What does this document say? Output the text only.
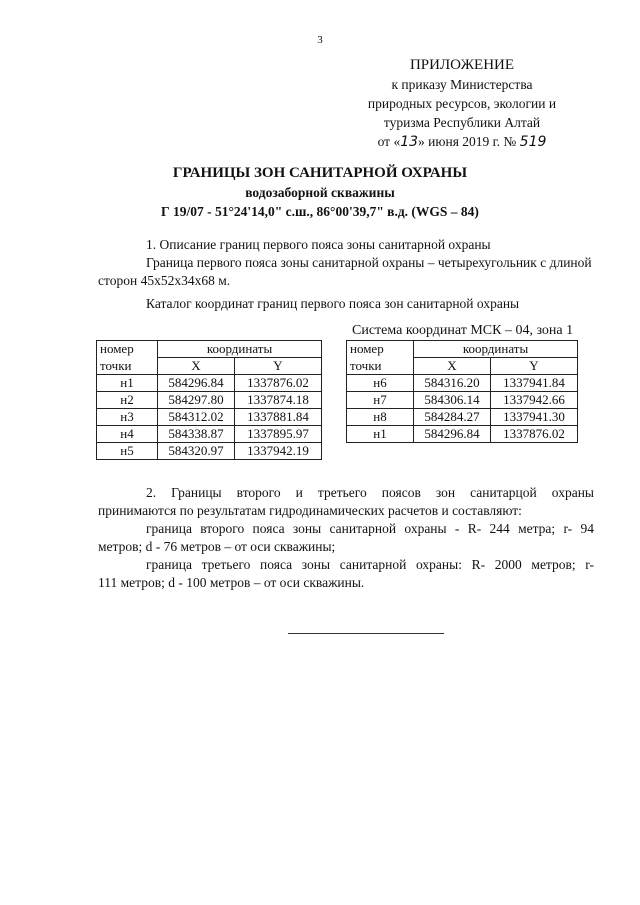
3
ПРИЛОЖЕНИЕ
к приказу Министерства
природных ресурсов, экологии и
туризма Республики Алтай
от «13» июня 2019 г. № 519
ГРАНИЦЫ ЗОН САНИТАРНОЙ ОХРАНЫ
водозаборной скважины
Г 19/07 - 51°24'14,0" с.ш., 86°00'39,7" в.д. (WGS – 84)
1. Описание границ первого пояса зоны санитарной охраны
Граница первого пояса зоны санитарной охраны – четырехугольник с длиной сторон 45х52х34х68 м.
Каталог координат границ первого пояса зон санитарной охраны
Система координат МСК – 04, зона 1
номер	координаты	
точки	X	Y
н1	584296.84	1337876.02
н2	584297.80	1337874.18
н3	584312.02	1337881.84
н4	584338.87	1337895.97
н5	584320.97	1337942.19
номер	координаты	
точки	X	Y
н6	584316.20	1337941.84
н7	584306.14	1337942.66
н8	584284.27	1337941.30
н1	584296.84	1337876.02
2. Границы второго и третьего поясов зон санитарцой охраны
принимаются по результатам гидродинамических расчетов и составляют:
граница второго пояса зоны санитарной охраны - R- 244 метра; r- 94
метров; d - 76 метров – от оси скважины;
граница третьего пояса зоны санитарной охраны: R- 2000 метров; r-
111 метров; d - 100 метров – от оси скважины.
